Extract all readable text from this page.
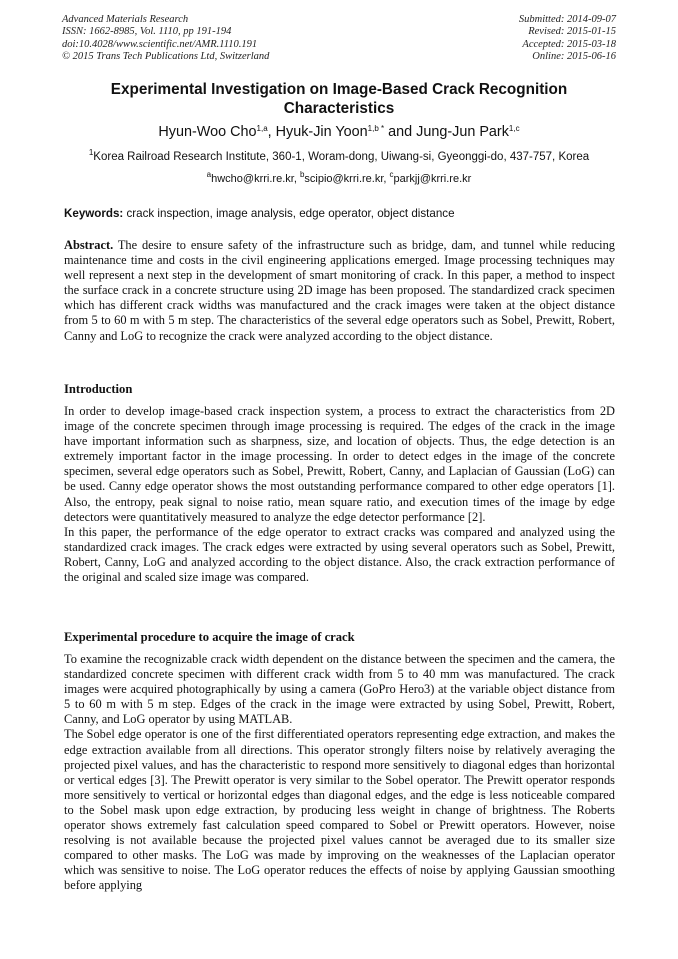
Advanced Materials Research
ISSN: 1662-8985, Vol. 1110, pp 191-194
doi:10.4028/www.scientific.net/AMR.1110.191
© 2015 Trans Tech Publications Ltd, Switzerland
Submitted: 2014-09-07
Revised: 2015-01-15
Accepted: 2015-03-18
Online: 2015-06-16
Experimental Investigation on Image-Based Crack Recognition Characteristics
Hyun-Woo Cho$^{1,a}$, Hyuk-Jin Yoon$^{1,b *}$ and Jung-Jun Park$^{1,c}$
$^1$Korea Railroad Research Institute, 360-1, Woram-dong, Uiwang-si, Gyeonggi-do, 437-757, Korea
$^a$hwcho@krri.re.kr, $^b$scipio@krri.re.kr, $^c$parkjj@krri.re.kr
Keywords: crack inspection, image analysis, edge operator, object distance

Abstract. The desire to ensure safety of the infrastructure such as bridge, dam, and tunnel while reducing maintenance time and costs in the civil engineering applications emerged. Image processing techniques may well represent a next step in the development of smart monitoring of crack. In this paper, a method to inspect the surface crack in a concrete structure using 2D image has been proposed. The standardized crack specimen which has different crack widths was manufactured and the crack images were taken at the object distance from 5 to 60 m with 5 m step. The characteristics of the several edge operators such as Sobel, Prewitt, Robert, Canny and LoG to recognize the crack were analyzed according to the object distance.

Introduction

In order to develop image-based crack inspection system, a process to extract the characteristics from 2D image of the concrete specimen through image processing is required. The edges of the crack in the image have important information such as sharpness, size, and location of objects. Thus, the edge detection is an extremely important factor in the image processing. In order to detect edges in the image of the concrete specimen, several edge operators such as Sobel, Prewitt, Robert, Canny, and Laplacian of Gaussian (LoG) can be used. Canny edge operator shows the most outstanding performance compared to other edge operators [1]. Also, the entropy, peak signal to noise ratio, mean square ratio, and execution times of the image by edge detectors were quantitatively measured to analyze the edge detector performance [2].

In this paper, the performance of the edge operator to extract cracks was compared and analyzed using the standardized crack images. The crack edges were extracted by using several operators such as Sobel, Prewitt, Robert, Canny, LoG and analyzed according to the object distance. Also, the crack extraction performance of the original and scaled size image was compared.

Experimental procedure to acquire the image of crack

To examine the recognizable crack width dependent on the distance between the specimen and the camera, the standardized concrete specimen with different crack width from 5 to 40 mm was manufactured. The crack images were acquired photographically by using a camera (GoPro Hero3) at the variable object distance from 5 to 60 m with 5 m step. Edges of the crack in the image were extracted by using Sobel, Prewitt, Robert, Canny, and LoG operator by using MATLAB.

The Sobel edge operator is one of the first differentiated operators representing edge extraction, and makes the edge extraction available from all directions. This operator strongly filters noise by relatively averaging the projected pixel values, and has the characteristic to respond more sensitively to diagonal edges than horizontal or vertical edges [3]. The Prewitt operator is very similar to the Sobel operator. The Prewitt operator responds more sensitively to vertical or horizontal edges than diagonal edges, and the edge is less noticeable compared to the Sobel mask upon edge extraction, by producing less weight in change of brightness. The Roberts operator shows extremely fast calculation speed compared to Sobel or Prewitt operators. However, noise resolving is not available because the projected pixel values cannot be averaged due to its smaller size compared to other masks. The LoG was made by improving on the weaknesses of the Laplacian operator which was sensitive to noise. The LoG operator reduces the effects of noise by applying Gaussian smoothing before applying
